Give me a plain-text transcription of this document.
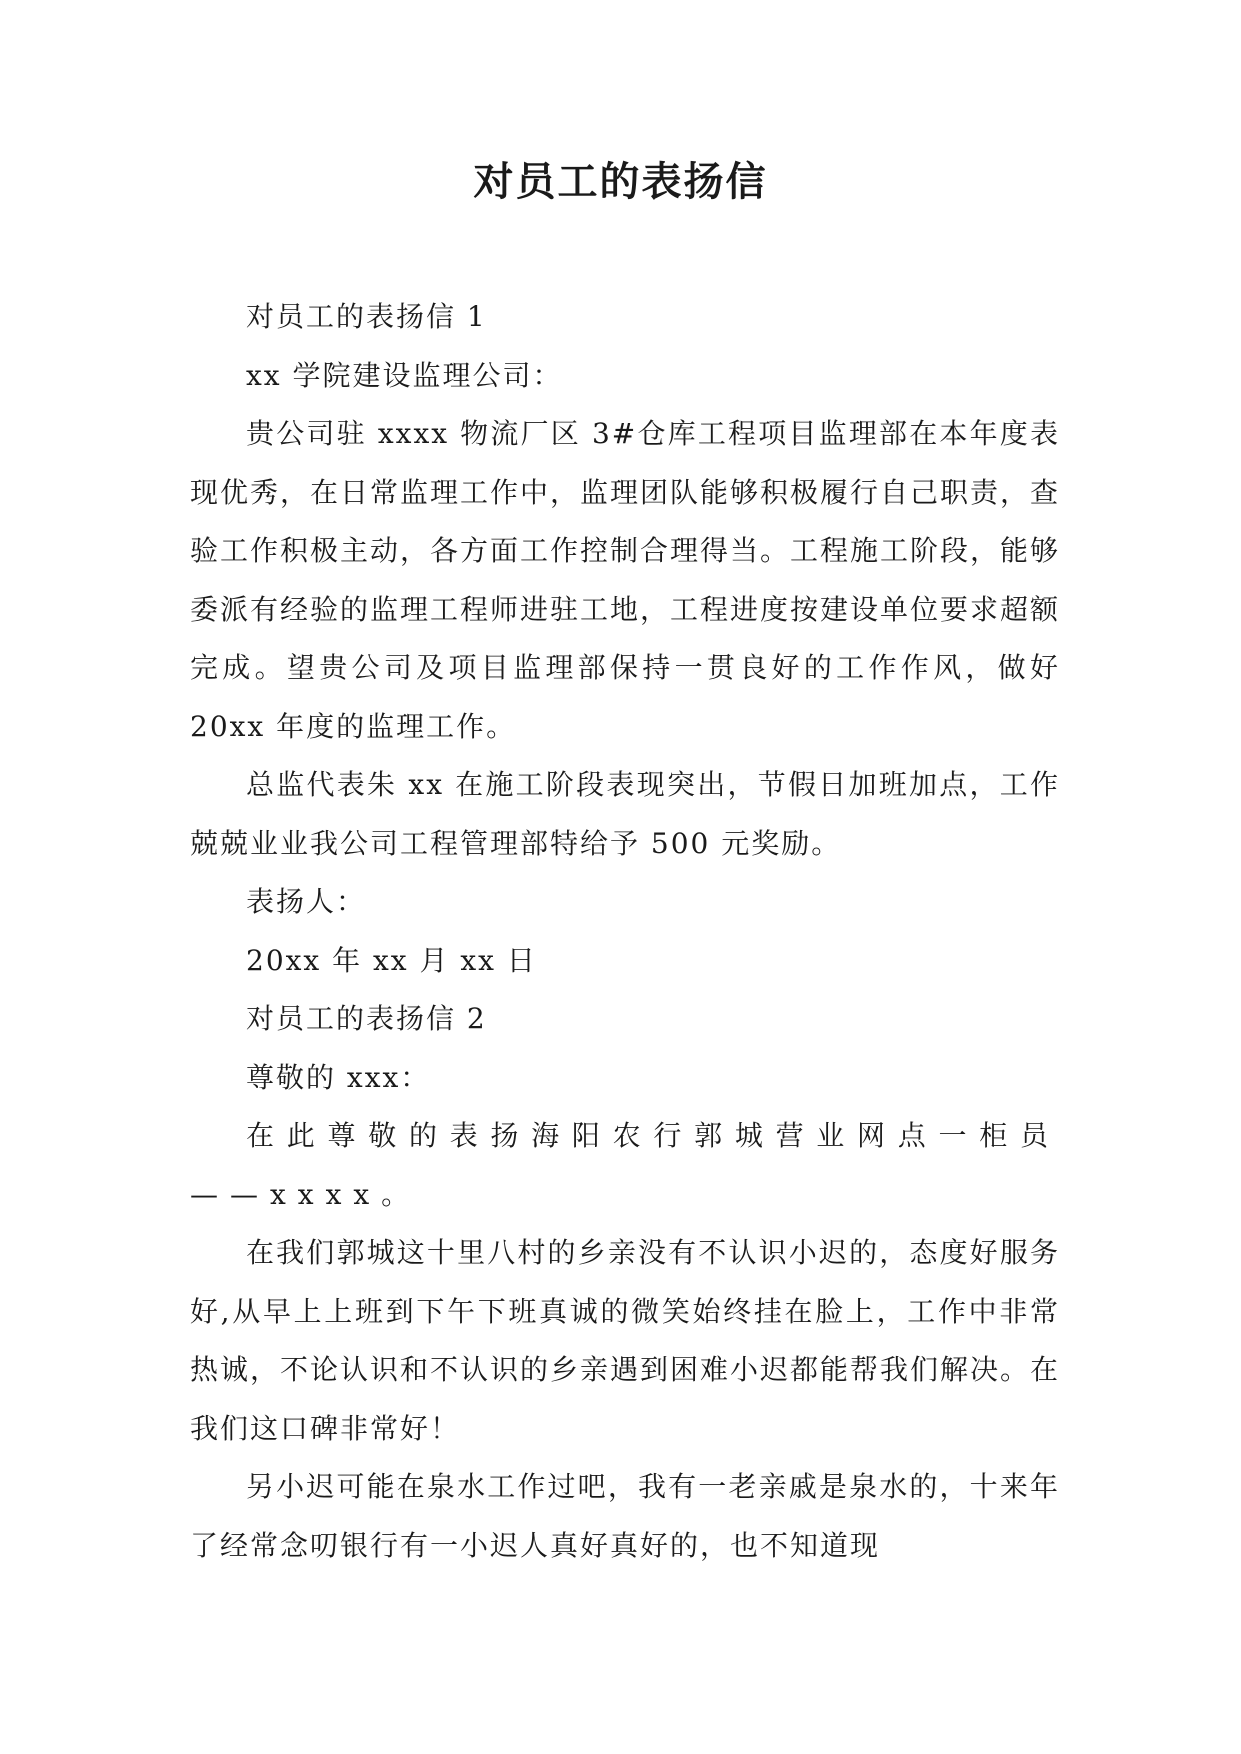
对员工的表扬信

对员工的表扬信 1

xx 学院建设监理公司：

贵公司驻 xxxx 物流厂区 3#仓库工程项目监理部在本年度表现优秀，在日常监理工作中，监理团队能够积极履行自己职责，查验工作积极主动，各方面工作控制合理得当。工程施工阶段，能够委派有经验的监理工程师进驻工地，工程进度按建设单位要求超额完成。望贵公司及项目监理部保持一贯良好的工作作风，做好 20xx 年度的监理工作。

总监代表朱 xx 在施工阶段表现突出，节假日加班加点，工作兢兢业业我公司工程管理部特给予 500 元奖励。

表扬人：

20xx 年 xx 月 xx 日

对员工的表扬信 2

尊敬的 xxx：

在此尊敬的表扬海阳农行郭城营业网点一柜员——xxxx。

在我们郭城这十里八村的乡亲没有不认识小迟的，态度好服务好,从早上上班到下午下班真诚的微笑始终挂在脸上，工作中非常热诚，不论认识和不认识的乡亲遇到困难小迟都能帮我们解决。在我们这口碑非常好！

另小迟可能在泉水工作过吧，我有一老亲戚是泉水的，十来年了经常念叨银行有一小迟人真好真好的，也不知道现
